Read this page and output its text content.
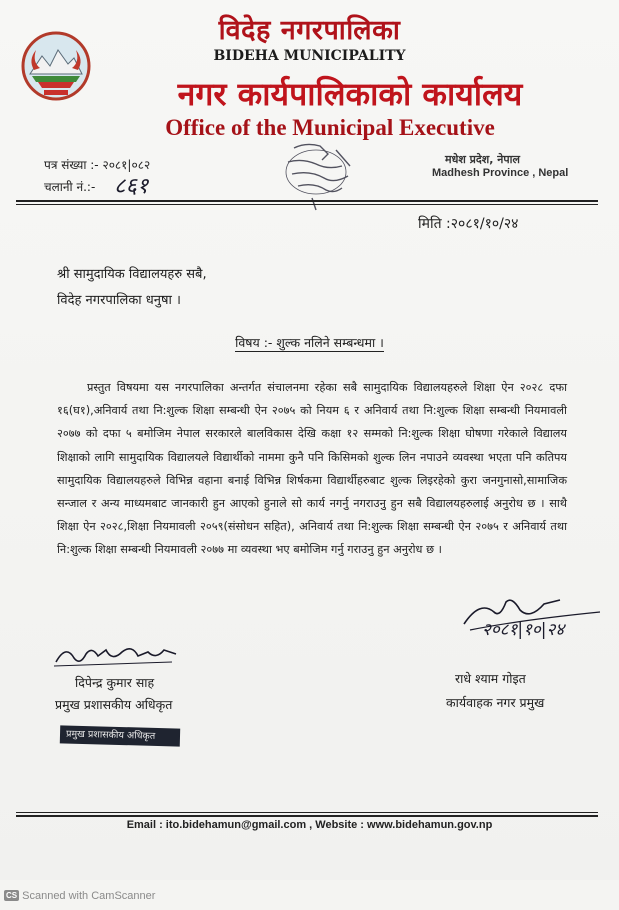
विदेह नगरपालिका
BIDEHA MUNICIPALITY
नगर कार्यपालिकाको कार्यालय
Office of the Municipal Executive
पत्र संख्या :- २०८१|०८२
चलानी नं.:- ८६१
मधेश प्रदेश, नेपाल
Madhesh Province , Nepal
मिति :२०८१/१०/२४
श्री सामुदायिक विद्यालयहरु सबै,
विदेह नगरपालिका धनुषा ।
विषय :- शुल्क नलिने सम्बन्धमा ।
प्रस्तुत विषयमा यस नगरपालिका अन्तर्गत संचालनमा रहेका सबै सामुदायिक विद्यालयहरुले शिक्षा ऐन २०२८ दफा १६(घ१),अनिवार्य तथा नि:शुल्क शिक्षा सम्बन्धी ऐन २०७५ को नियम ६ र अनिवार्य तथा नि:शुल्क शिक्षा सम्बन्धी नियमावली २०७७ को दफा ५ बमोजिम नेपाल सरकारले बालविकास देखि कक्षा १२ सम्मको नि:शुल्क शिक्षा घोषणा गरेकाले विद्यालय शिक्षाको लागि सामुदायिक विद्यालयले विद्यार्थीको नाममा कुनै पनि किसिमको शुल्क लिन नपाउने व्यवस्था भएता पनि कतिपय सामुदायिक विद्यालयहरुले विभिन्न वहाना बनाई विभिन्न शिर्षकमा विद्यार्थीहरुबाट शुल्क लिइरहेको कुरा जनगुनासो,सामाजिक सन्जाल र अन्य माध्यमबाट जानकारी हुन आएको हुनाले सो कार्य नगर्नु नगराउनु हुन सबै विद्यालयहरुलाई अनुरोध छ । साथै शिक्षा ऐन २०२८,शिक्षा नियमावली २०५९(संसोधन सहित), अनिवार्य तथा नि:शुल्क शिक्षा सम्बन्धी ऐन २०७५ र अनिवार्य तथा नि:शुल्क शिक्षा सम्बन्धी नियमावली २०७७ मा व्यवस्था भए बमोजिम गर्नु गराउनु हुन अनुरोध छ ।
दिपेन्द्र कुमार साह
प्रमुख प्रशासकीय अधिकृत
प्रमुख प्रशासकीय अधिकृत
२०८१|१०|२४
राधे श्याम गोइत
कार्यवाहक नगर प्रमुख
Email : ito.bidehamun@gmail.com , Website : www.bidehamun.gov.np
CS Scanned with CamScanner
